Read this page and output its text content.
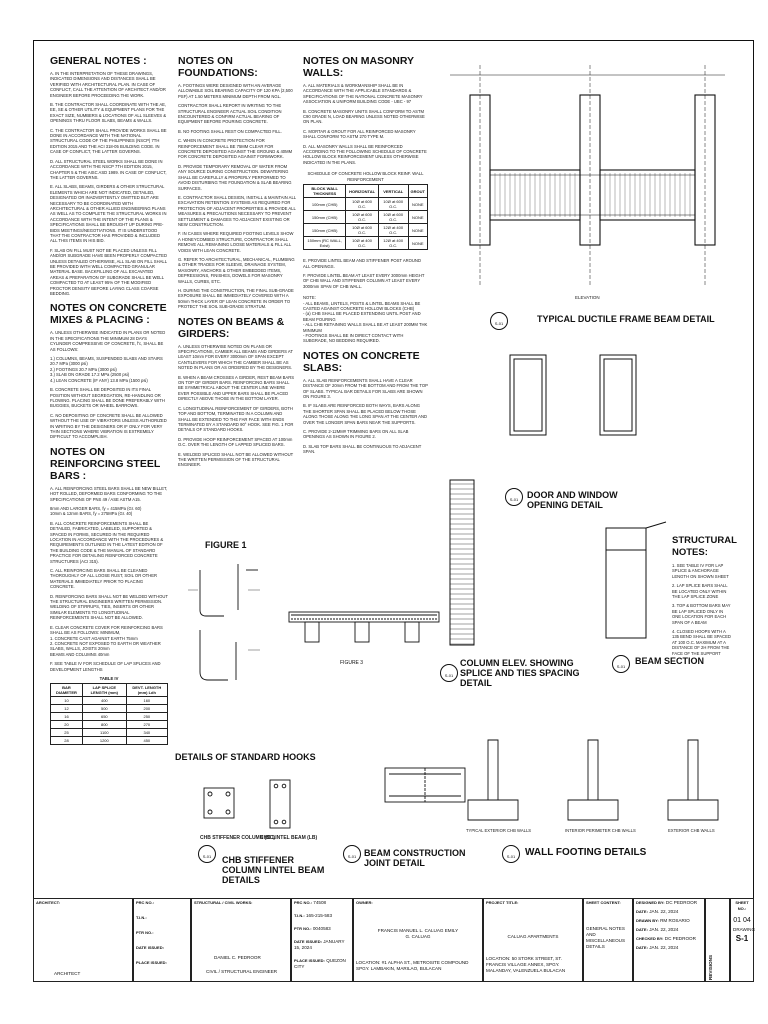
GENERAL NOTES :
A. IN THE INTERPRETATION OF THESE DRAWINGS, INDICATED DIMENSIONS AND DISTANCES SHALL BE VERIFIED WITH ARCHITECTURAL PLAN. IN CASE OF CONFLICT, CALL THE ATTENTION OF ARCHITECT AND/OR ENGINEER BEFORE PROCEEDING THE WORK.
B. THE CONTRACTOR SHALL COORDINATE WITH THE AE, EE, SE & OTHER UTILITY & EQUIPMENT PLANS FOR THE EXACT SIZE, NUMBERS & LOCATIONS OF ALL SLEEVES & OPENINGS THRU FLOOR SLABS, BEAMS & WALLS.
C. THE CONTRACTOR SHALL PROVIDE WORKS SHALL BE DONE IN ACCORDANCE WITH THE NATIONAL STRUCTURAL CODE OF THE PHILIPPINES (NSCP) 7TH EDITION 2015 AND THE ACI 318-05 BUILDING CODE. IN CASE OF CONFLICT, THE LATTER GOVERNS.
D. ALL STRUCTURAL STEEL WORKS SHALL BE DONE IN ACCORDANCE WITH THE NSCP 7TH EDITION 2015, CHAPTER 5 & THE AISC ASD 1989. IN CASE OF CONFLICT, THE LATTER GOVERNS.
E. ALL SLABS, BEAMS, GIRDERS & OTHER STRUCTURAL ELEMENTS WHICH ARE NOT INDICATED, DETAILED, DESIGNATED OR INADVERTENTLY OMITTED BUT ARE NECESSARY TO BE COORDINATED WITH ARCHITECTURAL & OTHER ALLIED ENGINEERING PLANS AS WELL AS TO COMPLETE THE STRUCTURAL WORKS IN ACCORDANCE WITH THE INTENT OF THE PLANS & SPECIFICATIONS SHALL BE BROUGHT UP DURING PRE-BIDS MEETINGS/NEGOTIATIONS. IT IS UNDERSTOOD THAT THE CONTRACTOR HAS PROVIDED & INCLUDED ALL THIS ITEMS IN HIS BID.
F. SLAB ON FILL MUST NOT BE PLACED UNLESS FILL AND/OR SUBGRADE HAVE BEEN PROPERLY COMPACTED UNLESS DETAILED OTHERWISE, ALL SLAB ON FILL SHALL BE PROVIDED WITH WELL COMPACTED GRANULAR MATERIAL BASE. BACKFILLING OF ALL EXCAVATED AREAS & PREPARATION OF SUBGRADE SHALL BE WELL COMPACTED TO AT LEAST 95% OF THE MODIFIED PROCTOR DENSITY BEFORE LAYING CLASS COARSE BEDDING.
NOTES ON CONCRETE MIXES & PLACING :
A. UNLESS OTHERWISE INDICATED IN PLANS OR NOTED IN THE SPECIFICATIONS THE MINIMUM 28 DAYS CYLINDER COMPRESSIVE OF CONCRETE, f'c, SHALL BE AS FOLLOWS:
1.) COLUMNS, BEAMS, SUSPENDED SLABS AND STAIRS 20.7 MPa (3000 psi)
2.) FOOTINGS 20.7 MPa (3000 psi)
3.) SLAB ON GRADE 17.2 MPa (2500 psi)
4.) LEAN CONCRETE (IF ANY) 13.8 MPa (1500 psi)
B. CONCRETE SHALL BE DEPOSITED IN ITS FINAL POSITION WITHOUT SEGREGATION, RE-HANDLING OR FLOWING. PLACING SHALL BE DONE PREFERABLY WITH BUGGIES, BUCKETS OR WHEEL BARROWS.
C. NO DEPOSITING OF CONCRETE SHALL BE ALLOWED WITHOUT THE USE OF VIBRATORS UNLESS AUTHORIZED IN WRITING BY THE DESIGNERS OR IF ONLY FOR VERY THIN SECTIONS WHERE VIBRATION IS EXTREMELY DIFFICULT TO ACCOMPLISH.
NOTES ON REINFORCING STEEL BARS :
A. ALL REINFORCING STEEL BARS SHALL BE NEW BILLET, HOT ROLLED, DEFORMED BARS CONFORMING TO THE SPECIFICATIONS OF PNS 49 / ASE ASTM A15.
8mm AND LARGER BARS, fy = 415MPa (Gr. 60)
10mm & 12mm BARS, fy = 275MPa (Gr. 40)
B. ALL CONCRETE REINFORCEMENTS SHALL BE DETAILED, FABRICATED, LABELED, SUPPORTED & SPACED IN FORMS, SECURED IN THE REQUIRED LOCATION IN ACCORDANCE WITH THE PROCEDURES & REQUIREMENTS OUTLINED IN THE LATEST EDITION OF THE BUILDING CODE & THE MANUAL OF STANDARD PRACTICE FOR DETAILING REINFORCED CONCRETE STRUCTURES (ACI 315).
C. ALL REINFORCING BARS SHALL BE CLEANED THOROUGHLY OF ALL LOOSE RUST, SOIL OR OTHER MATERIALS IMMEDIATELY PRIOR TO PLACING CONCRETE.
D. REINFORCING BARS SHALL NOT BE WELDED WITHOUT THE STRUCTURAL ENGINEERS WRITTEN PERMISSION. WELDING OF STIRRUPS, TIES, INSERTS OR OTHER SIMILAR ELEMENTS TO LONGITUDINAL REINFORCEMENTS SHALL NOT BE ALLOWED.
E. CLEAR CONCRETE COVER FOR REINFORCING BARS SHALL BE AS FOLLOWS: MINIMUM,
1. CONCRETE CAST AGAINST EARTH 75mm
2. CONCRETE NOT EXPOSED TO EARTH OR WEATHER
SLABS, WALLS, JOISTS 20mm
BEAMS AND COLUMNS 40mm
F. SEE TABLE IV FOR SCHEDULE OF LAP SPLICES AND DEVELOPMENT LENGTHS
TABLE IV
BAR DIAMETER	LAP SPLICE LENGTH (mm)	DEVT. LENGTH (mm) Ldh
10	400	160
12	500	200
16	650	250
20	800	270
25	1100	340
28	1200	450
NOTES ON FOUNDATIONS:
A. FOOTINGS WERE DESIGNED WITH AN AVERAGE ALLOWABLE SOIL BEARING CAPACITY OF 120 KPA (2,500 PSF) AT 1.50 METERS MINIMUM DEPTH FROM NGL.
CONTRACTOR SHALL REPORT IN WRITING TO THE STRUCTURAL ENGINEER ACTUAL SOIL CONDITION ENCOUNTERED & CONFIRM ACTUAL BEARING OF EQUIPMENT BEFORE POURING CONCRETE.
B. NO FOOTING SHALL REST ON COMPACTED FILL.
C. WHEN IN CONCRETE PROTECTION FOR REINFORCEMENT SHALL BE 75MM CLEAR FOR CONCRETE DEPOSITED AGAINST THE GROUND & 40MM FOR CONCRETE DEPOSITED AGAINST FORMWORK.
D. PROVIDE TEMPORARY REMOVAL OF WATER FROM ANY SOURCE DURING CONSTRUCTION. DEWATERING SHALL BE CAREFULLY & PROPERLY PERFORMED TO AVOID DISTURBING THE FOUNDATION & SLAB BEARING SURFACES.
E. CONTRACTOR SHALL DESIGN, INSTALL & MAINTAIN ALL EXCAVATION RETENTION SYSTEMS AS REQUIRED FOR PROTECTION OF ADJACENT PROPERTIES & PROVIDE ALL MEASURES & PRECAUTIONS NECESSARY TO PREVENT SETTLEMENT & DAMAGES TO ADJACENT EXISTING OR NEW CONSTRUCTION.
F. IN CASES WHERE REQUIRED FOOTING LEVELS SHOW A HONEYCOMBED STRUCTURE, CONTRACTOR SHALL REMOVE ALL REMAINING LOOSE MATERIALS & FILL ALL VOIDS WITH LEAN CONCRETE.
G. REFER TO ARCHITECTURAL, MECHANICAL, PLUMBING & OTHER TRADES FOR SLEEVE, DRAINAGE SYSTEM, MASONRY, ANCHORS & OTHER EMBEDDED ITEMS, DEPRESSIONS, FINISHES, DOWELS FOR MASONRY WALLS, CURBS, ETC.
H. DURING THE CONSTRUCTION, THE FINAL SUB-GRADE EXPOSURE SHALL BE IMMEDIATELY COVERED WITH A 50mm THICK LAYER OF LEAN CONCRETE IN ORDER TO PROTECT THE SOIL SUB-GRADE STRATUM.
NOTES ON BEAMS & GIRDERS:
A. UNLESS OTHERWISE NOTED ON PLANS OR SPECIFICATIONS, CAMBER ALL BEAMS AND GIRDERS AT LEAST 10mm FOR EVERY 3000mm OF SPAN EXCEPT CANTILEVERS FOR WHICH THE CAMBER SHALL BE AS NOTED IN PLANS OR AS ORDERED BY THE DESIGNERS.
B. WHEN A BEAM CROSSES A GIRDER, REST BEAM BARS ON TOP OF GIRDER BARS. REINFORCING BARS SHALL BE SYMMETRICAL ABOUT THE CENTER LINE WHERE EVER POSSIBLE AND UPPER BARS SHALL BE PLACED DIRECTLY ABOVE THOSE IN THE BOTTOM LAYER.
C. LONGITUDINAL REINFORCEMENT OF GIRDERS, BOTH TOP AND BOTTOM, TERMINATED IN A COLUMN AND SHALL BE EXTENDED TO THE FAR FACE WITH ENDS TERMINATED BY A STANDARD 90° HOOK. SEE FIG. 1 FOR DETAILS OF STANDARD HOOKS.
D. PROVIDE HOOP REINFORCEMENT SPACED AT 100mm O.C. OVER THE LENGTH OF LAPPED SPLICED BARS.
E. WELDED SPLICED SHALL NOT BE ALLOWED WITHOUT THE WRITTEN PERMISSION OF THE STRUCTURAL ENGINEER.
NOTES ON MASONRY WALLS:
A. ALL MATERIALS & WORKMANSHIP SHALL BE IN ACCORDANCE WITH THE APPLICABLE STANDARDS & SPECIFICATIONS OF THE NATIONAL CONCRETE MASONRY ASSOCIATION & UNIFORM BUILDING CODE - UBC - 97
B. CONCRETE MASONRY UNITS SHALL CONFORM TO ASTM C90 GRADE N, LOAD BEARING UNLESS NOTED OTHERWISE ON PLAN.
C. MORTAR & GROUT FOR ALL REINFORCED MASONRY SHALL CONFORM TO ASTM 270 TYPE M.
D. ALL MASONRY WALLS SHALL BE REINFORCED ACCORDING TO THE FOLLOWING SCHEDULE OF CONCRETE HOLLOW BLOCK REINFORCEMENT UNLESS OTHERWISE INDICATED IN THE PLANS.
SCHEDULE OF CONCRETE HOLLOW BLOCK REINF. WALL REINFORCEMENT
BLOCK WALL THICKNESS	HORIZONTAL	VERTICAL	GROUT
100mm (CHB)	10Ø at 600 O.C.	10Ø at 600 O.C.	NONE
150mm (CHB)	10Ø at 600 O.C.	10Ø at 600 O.C.	NONE
150mm (CHB)	10Ø at 600 O.C.	12Ø at 400 O.C.	NONE
150mm (RC WALL, Exist)	10Ø at 400 O.C.	12Ø at 400 O.C.	NONE
E. PROVIDE LINTEL BEAM AND STIFFENER POST AROUND ALL OPENINGS.
F. PROVIDE LINTEL BEAM AT LEAST EVERY 3000mm HEIGHT OF CHB WALL AND STIFFENER COLUMN AT LEAST EVERY 3000mm SPAN OF CHB WALL.
NOTE:
- ALL BEAMS, LINTELS, POSTS & LINTEL BEAMS SHALL BE CASTED AGAINST CONCRETE HOLLOW BLOCKS (CHB)
- (a) CHB SHALL BE PLACED EXTENDING UNTIL POST AND BEAM POURING
- ALL CHB RETAINING WALLS SHALL BE AT LEAST 200MM THK MINIMUM
- FOOTINGS SHALL BE IN DIRECT CONTACT WITH SUBGRADE, NO BEDDING REQUIRED.
NOTES ON CONCRETE SLABS:
A. ALL SLAB REINFORCEMENTS SHALL HAVE A CLEAR DISTANCE OF 20mm FROM THE BOTTOM AND FROM THE TOP OF SLABS. TYPICAL BAR DETAILS FOR SLABS ARE SHOWN ON FIGURE 3.
B. IF SLABS ARE REINFORCED BOTH WAYS, BARS ALONG THE SHORTER SPAN SHALL BE PLACED BELOW THOSE ALONG THOSE ALONG THE LONG SPAN AT THE CENTER AND OVER THE LONGER SPAN BARS NEAR THE SUPPORTS.
C. PROVIDE 2-12MM# TRIMMING BARS ON ALL SLAB OPENINGS AS SHOWN IN FIGURE 2.
D. SLAB TOP BARS SHALL BE CONTINUOUS TO ADJACENT SPAN.
FIGURE 1
FIGURE 3
DETAILS OF STANDARD HOOKS
CHB STIFFENER COLUMN (SC)
CHB LINTEL BEAM (LB)
CHB STIFFENER COLUMN LINTEL BEAM DETAILS
S-01	BEAM CONSTRUCTION JOINT DETAIL
S-01
ELEVATION
TYPICAL DUCTILE FRAME BEAM DETAIL
S-01
S-01 DOOR AND WINDOW OPENING DETAIL
COLUMN ELEV. SHOWING SPLICE AND TIES SPACING DETAIL
BEAM SECTION
S-01
S-01
STRUCTURAL NOTES:
1. SEE TABLE IV FOR LAP SPLICE & ANCHORAGE LENGTH ON SHOWN SHEET
2. LAP SPLICE BARS SHALL BE LOCATED ONLY WITHIN THE LAP SPLICE ZONE
3. TOP & BOTTOM BARS MAY BE LAP SPLICED ONLY IN ONE LOCATION FOR EACH SPAN OF A BEAM
4. CLOSED HOOPS WITH A 135 BEND SHALL BE SPACED AT 100 O.C. MAXIMUM AT A DISTANCE OF 2H FROM THE FACE OF THE SUPPORT
TYPICAL EXTERIOR CHB WALLS	INTERIOR PERIMETER CHB WALLS	EXTERIOR CHB WALLS
WALL FOOTING DETAILS
S-01
ARCHITECT:
ARCHITECT
PRC NO.:
T.I.N.:
PTR NO.:
DATE ISSUED:
PLACE ISSUED:
STRUCTURAL / CIVIL WORKS:
DANIEL C. PEDROOR
CIVIL / STRUCTURAL ENGINEER
PRC NO.: 74508
T.I.N.: 165-215-583
PTR NO.: 0040583
DATE ISSUED: JANUARY 15, 2024
PLACE ISSUED: QUEZON CITY
OWNER:
FRANCIS MANUEL L. CALUAG EMILY G. CALUAG
LOCATION: #1 ALPHA ST., METROSITE COMPOUND SPGY. LAMBAKIN, MARILAO, BULACAN
PROJECT TITLE:
CALUAG APARTMENTS
LOCATION: 50 STORK STREET, ST. FRANCIS VILLAGE ANNEX, SPGY. MALANDAY, VALENZUELA BULACAN
SHEET CONTENT:
GENERAL NOTES AND MISCELLANEOUS DETAILS
DESIGNED BY: DC PEDROOR
DATE: JAN. 22, 2024
DRAWN BY: RM ROSARIO
DATE: JAN. 22, 2024
CHECKED BY: DC PEDROOR
DATE: JAN. 22, 2024
REVISIONS
SHEET NO.:
01 04
DRAWING
S-1
